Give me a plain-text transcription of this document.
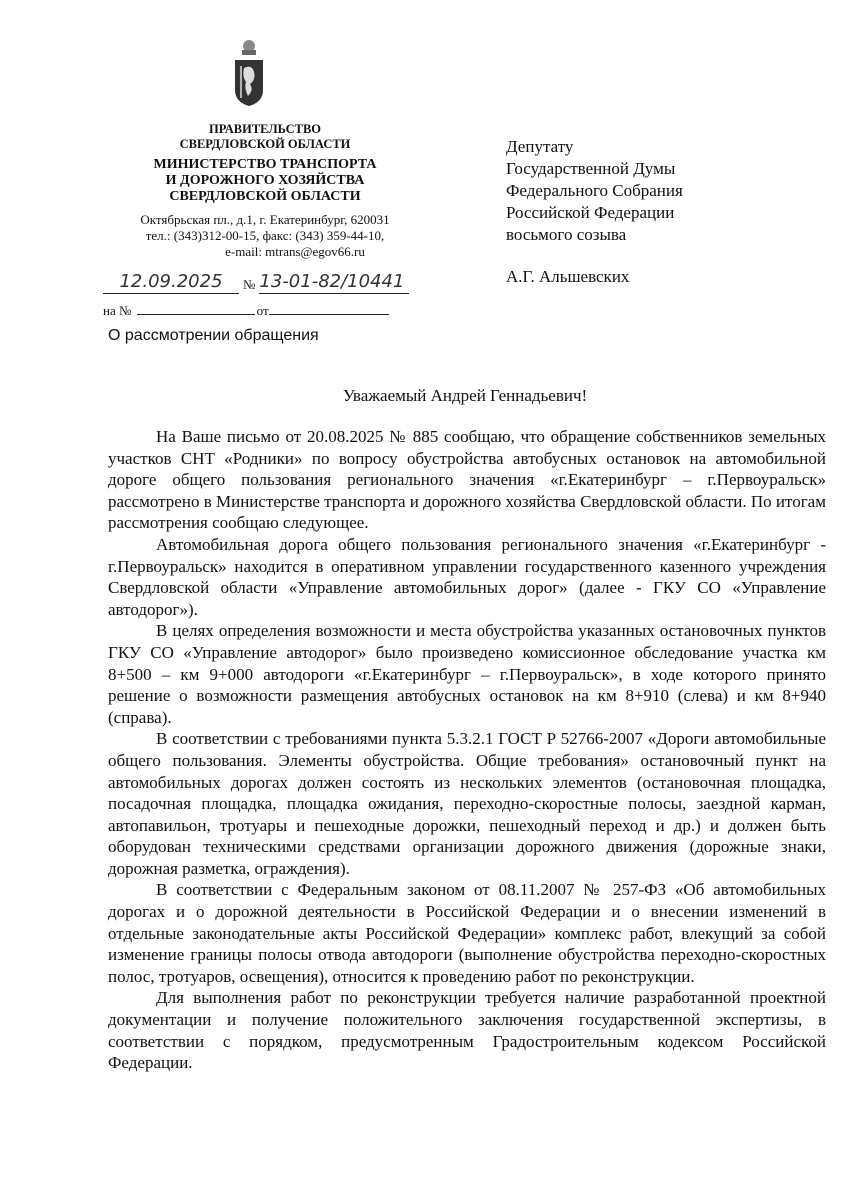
ПРАВИТЕЛЬСТВО
СВЕРДЛОВСКОЙ ОБЛАСТИ
МИНИСТЕРСТВО ТРАНСПОРТА
И ДОРОЖНОГО ХОЗЯЙСТВА
СВЕРДЛОВСКОЙ ОБЛАСТИ
Октябрьская пл., д.1, г. Екатеринбург, 620031
тел.: (343)312-00-15, факс: (343) 359-44-10,
e-mail: mtrans@egov66.ru
12.09.2025	№ 13-01-82/10441
на №	от
О рассмотрении обращения
Депутату
Государственной Думы
Федерального Собрания
Российской Федерации
восьмого созыва
А.Г. Альшевских
Уважаемый Андрей Геннадьевич!

На Ваше письмо от 20.08.2025 № 885 сообщаю, что обращение собственников земельных участков СНТ «Родники» по вопросу обустройства автобусных остановок на автомобильной дороге общего пользования регионального значения «г.Екатеринбург – г.Первоуральск» рассмотрено в Министерстве транспорта и дорожного хозяйства Свердловской области. По итогам рассмотрения сообщаю следующее.

Автомобильная дорога общего пользования регионального значения «г.Екатеринбург - г.Первоуральск» находится в оперативном управлении государственного казенного учреждения Свердловской области «Управление автомобильных дорог» (далее - ГКУ СО «Управление автодорог»).

В целях определения возможности и места обустройства указанных остановочных пунктов ГКУ СО «Управление автодорог» было произведено комиссионное обследование участка км 8+500 – км 9+000 автодороги «г.Екатеринбург – г.Первоуральск», в ходе которого принято решение о возможности размещения автобусных остановок на км 8+910 (слева) и км 8+940 (справа).

В соответствии с требованиями пункта 5.3.2.1 ГОСТ Р 52766-2007 «Дороги автомобильные общего пользования. Элементы обустройства. Общие требования» остановочный пункт на автомобильных дорогах должен состоять из нескольких элементов (остановочная площадка, посадочная площадка, площадка ожидания, переходно-скоростные полосы, заездной карман, автопавильон, тротуары и пешеходные дорожки, пешеходный переход и др.) и должен быть оборудован техническими средствами организации дорожного движения (дорожные знаки, дорожная разметка, ограждения).

В соответствии с Федеральным законом от 08.11.2007 № 257-ФЗ «Об автомобильных дорогах и о дорожной деятельности в Российской Федерации и о внесении изменений в отдельные законодательные акты Российской Федерации» комплекс работ, влекущий за собой изменение границы полосы отвода автодороги (выполнение обустройства переходно-скоростных полос, тротуаров, освещения), относится к проведению работ по реконструкции.

Для выполнения работ по реконструкции требуется наличие разработанной проектной документации и получение положительного заключения государственной экспертизы, в соответствии с порядком, предусмотренным Градостроительным кодексом Российской Федерации.
